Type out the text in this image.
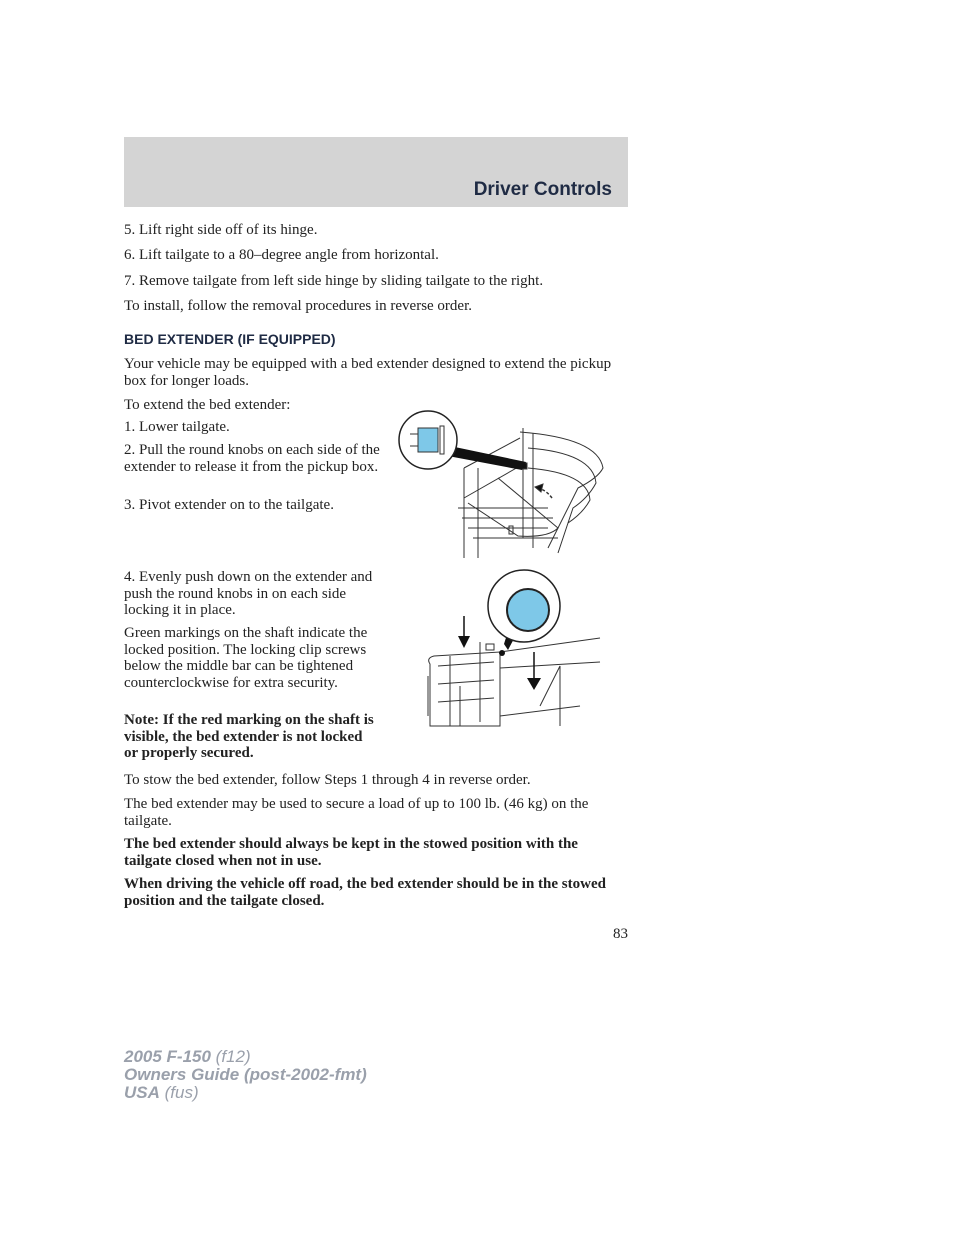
Driver Controls

5. Lift right side off of its hinge.

6. Lift tailgate to a 80–degree angle from horizontal.

7. Remove tailgate from left side hinge by sliding tailgate to the right.

To install, follow the removal procedures in reverse order.

BED EXTENDER (IF EQUIPPED)

Your vehicle may be equipped with a bed extender designed to extend the pickup box for longer loads.

To extend the bed extender:

1. Lower tailgate.

2. Pull the round knobs on each side of the extender to release it from the pickup box.

3. Pivot extender on to the tailgate.

4. Evenly push down on the extender and push the round knobs in on each side locking it in place.

Green markings on the shaft indicate the locked position. The locking clip screws below the middle bar can be tightened counterclockwise for extra security.

Note: If the red marking on the shaft is visible, the bed extender is not locked or properly secured.

To stow the bed extender, follow Steps 1 through 4 in reverse order.

The bed extender may be used to secure a load of up to 100 lb. (46 kg) on the tailgate.

The bed extender should always be kept in the stowed position with the tailgate closed when not in use.

When driving the vehicle off road, the bed extender should be in the stowed position and the tailgate closed.

83
2005 F-150 (f12)
Owners Guide (post-2002-fmt)
USA (fus)
